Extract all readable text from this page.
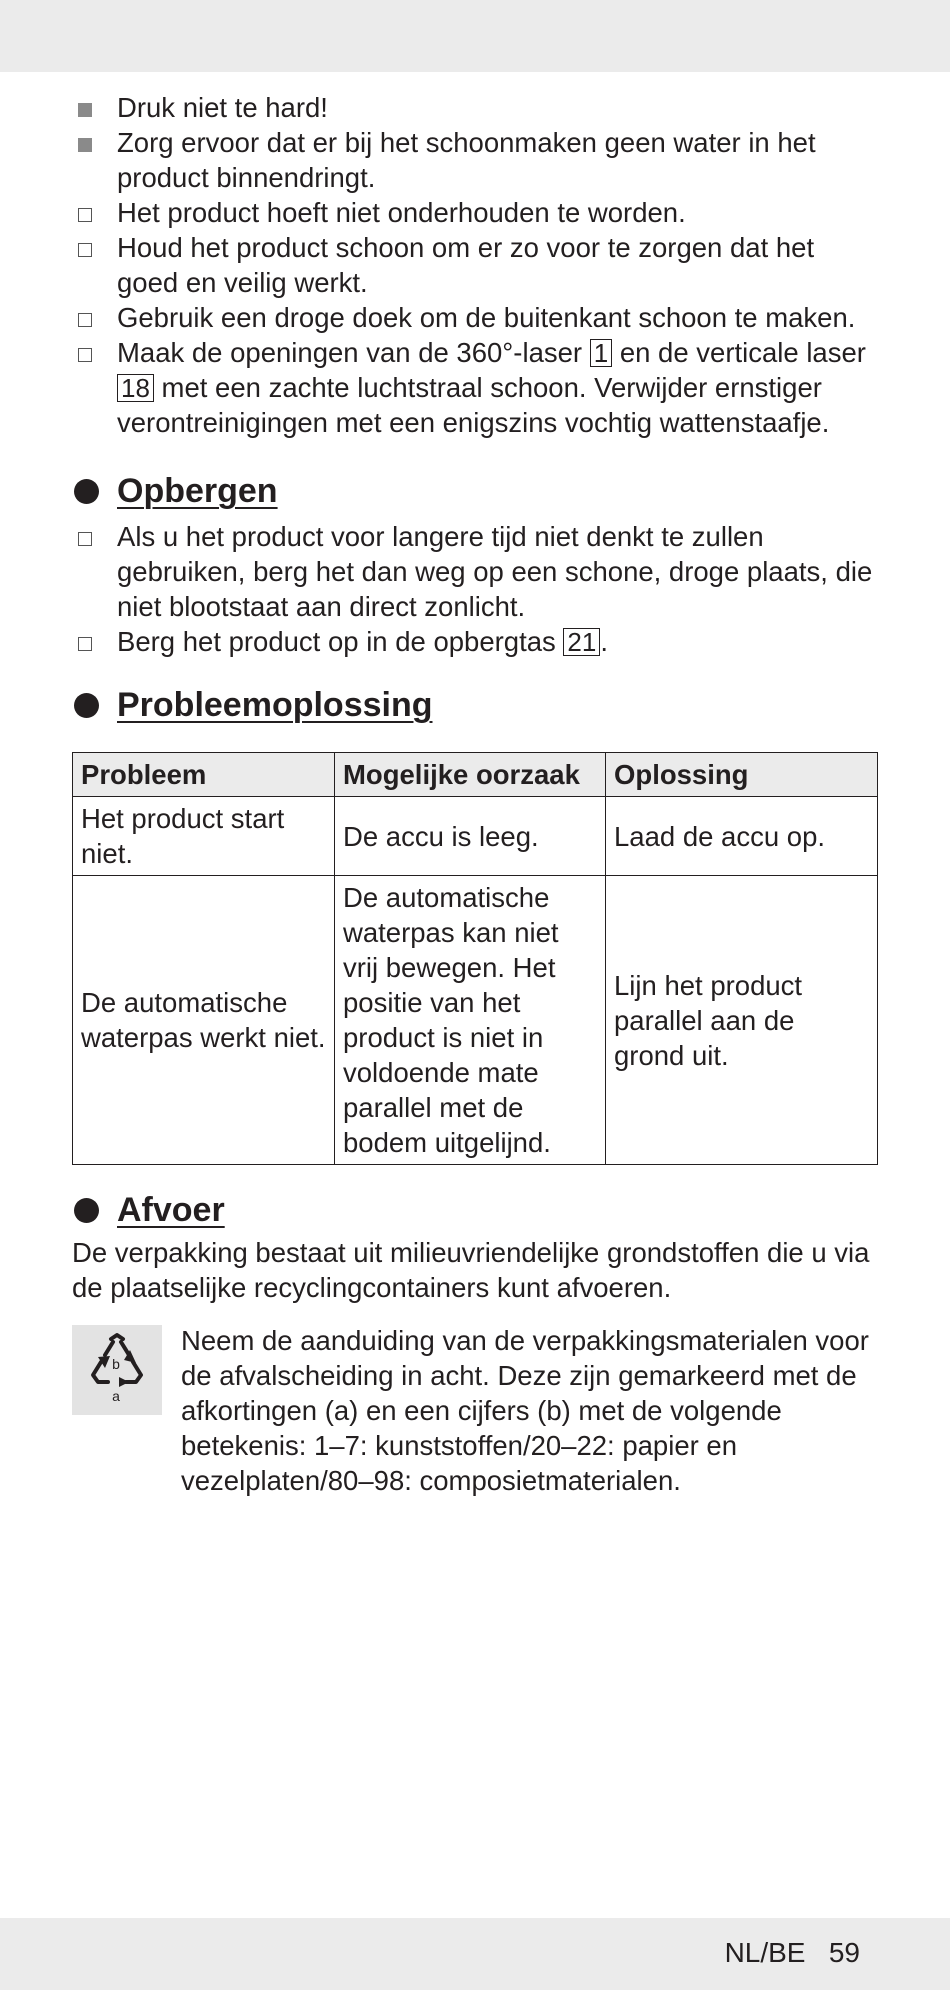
Druk niet te hard!
Zorg ervoor dat er bij het schoonmaken geen water in het product binnendringt.
Het product hoeft niet onderhouden te worden.
Houd het product schoon om er zo voor te zorgen dat het goed en veilig werkt.
Gebruik een droge doek om de buitenkant schoon te maken.
Maak de openingen van de 360°-laser 1 en de verticale laser 18 met een zachte luchtstraal schoon. Verwijder ernstiger verontreinigingen met een enigszins vochtig wattenstaafje.
Opbergen
Als u het product voor langere tijd niet denkt te zullen gebruiken, berg het dan weg op een schone, droge plaats, die niet blootstaat aan direct zonlicht.
Berg het product op in de opbergtas 21 .
Probleemoplossing
Probleem	Mogelijke oorzaak	Oplossing
Het product start niet.	De accu is leeg.	Laad de accu op.
De automatische waterpas werkt niet.	De automatische waterpas kan niet vrij bewegen. Het positie van het product is niet in voldoende mate parallel met de bodem uitgelijnd.	Lijn het product parallel aan de grond uit.
Afvoer

De verpakking bestaat uit milieuvriendelijke grondstoffen die u via de plaatselijke recyclingcontainers kunt afvoeren.

b
a

Neem de aanduiding van de verpakkingsmaterialen voor de afvalscheiding in acht. Deze zijn gemarkeerd met de afkortingen (a) en een cijfers (b) met de volgende betekenis: 1–7: kunststoffen/20–22: papier en vezelplaten/80–98: composietmaterialen.

NL/BE 59
